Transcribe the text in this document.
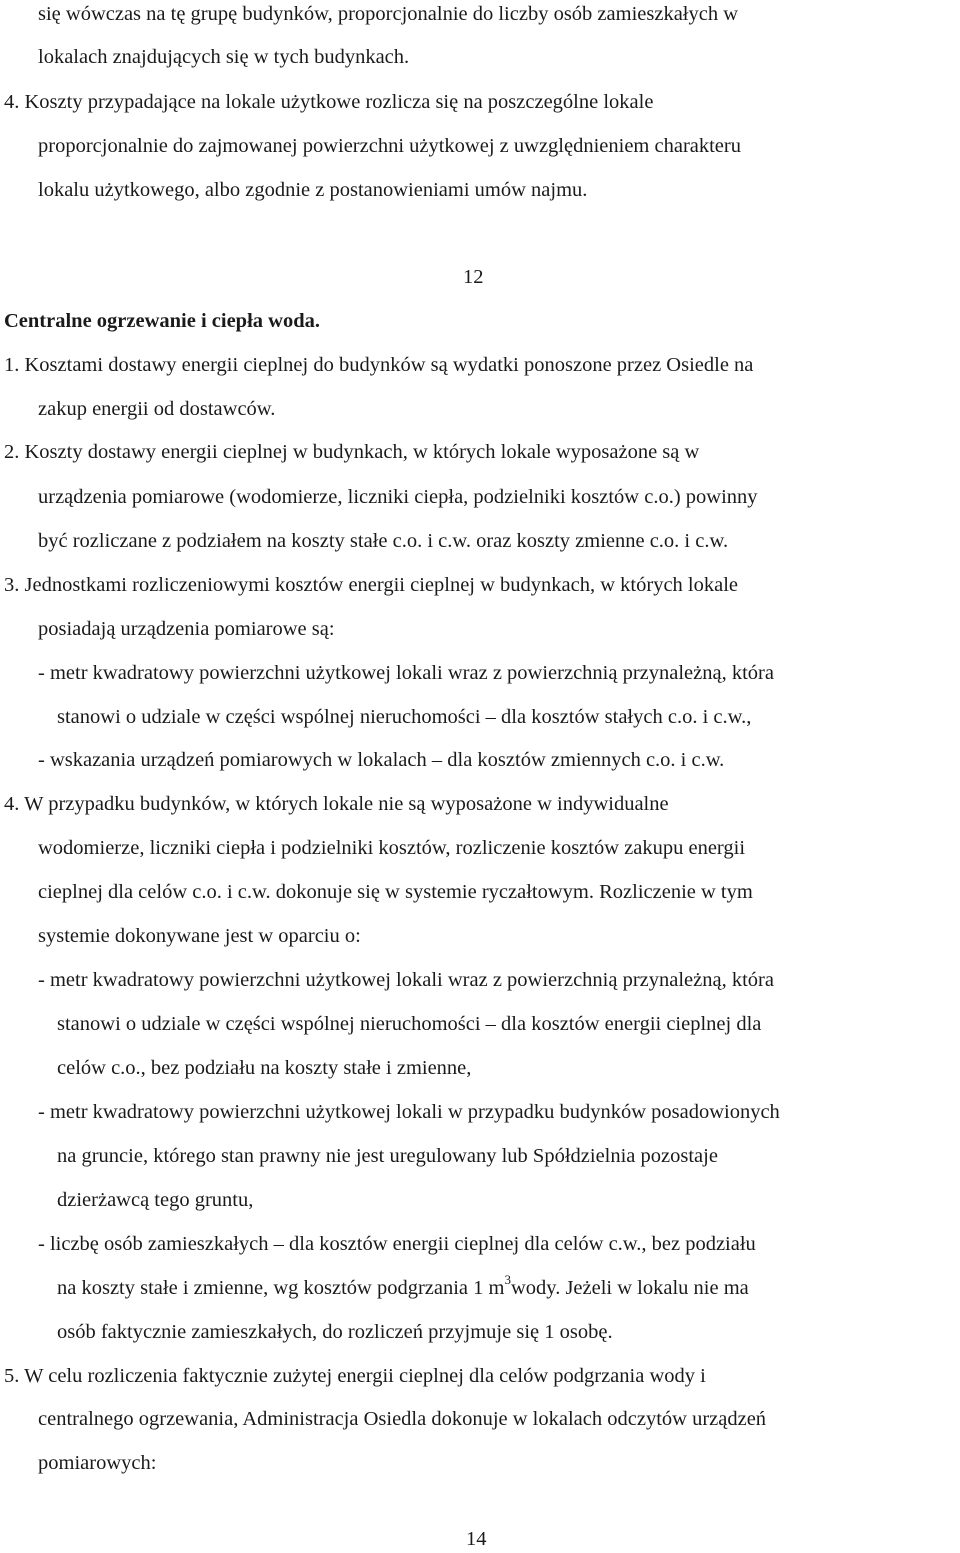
się wówczas na tę grupę budynków, proporcjonalnie do liczby osób zamieszkałych w
lokalach znajdujących się w tych budynkach.
4. Koszty przypadające na lokale użytkowe rozlicza się na poszczególne lokale
proporcjonalnie do zajmowanej powierzchni użytkowej z uwzględnieniem charakteru
lokalu użytkowego, albo zgodnie z postanowieniami umów najmu.
12
Centralne ogrzewanie i ciepła woda.
1. Kosztami dostawy energii cieplnej do budynków są wydatki ponoszone przez Osiedle na
zakup energii od dostawców.
2. Koszty dostawy energii cieplnej w budynkach, w których lokale wyposażone są w
urządzenia pomiarowe (wodomierze, liczniki ciepła, podzielniki kosztów c.o.) powinny
być rozliczane z podziałem na koszty stałe c.o. i c.w. oraz koszty zmienne c.o. i c.w.
3. Jednostkami rozliczeniowymi kosztów energii cieplnej w budynkach, w których lokale
posiadają urządzenia pomiarowe są:
- metr kwadratowy powierzchni użytkowej lokali wraz z powierzchnią przynależną, która
stanowi o udziale w części wspólnej nieruchomości – dla kosztów stałych c.o. i c.w.,
- wskazania urządzeń pomiarowych w lokalach – dla kosztów zmiennych c.o. i c.w.
4. W przypadku budynków, w których lokale nie są wyposażone w indywidualne
wodomierze, liczniki ciepła i podzielniki kosztów, rozliczenie kosztów zakupu energii
cieplnej dla celów c.o. i c.w. dokonuje się w systemie ryczałtowym. Rozliczenie w tym
systemie dokonywane jest w oparciu o:
- metr kwadratowy powierzchni użytkowej lokali wraz z powierzchnią przynależną, która
stanowi o udziale w części wspólnej nieruchomości – dla kosztów energii cieplnej dla
celów c.o., bez podziału na koszty stałe i zmienne,
- metr kwadratowy powierzchni użytkowej lokali w przypadku budynków posadowionych
na gruncie, którego stan prawny nie jest uregulowany lub Spółdzielnia pozostaje
dzierżawcą tego gruntu,
- liczbę osób zamieszkałych – dla kosztów energii cieplnej dla celów c.w., bez podziału
na koszty stałe i zmienne, wg kosztów podgrzania 1 $m^3wody$. Jeżeli w lokalu nie ma
osób faktycznie zamieszkałych, do rozliczeń przyjmuje się 1 osobę.
5. W celu rozliczenia faktycznie zużytej energii cieplnej dla celów podgrzania wody i
centralnego ogrzewania, Administracja Osiedla dokonuje w lokalach odczytów urządzeń
pomiarowych:
14
